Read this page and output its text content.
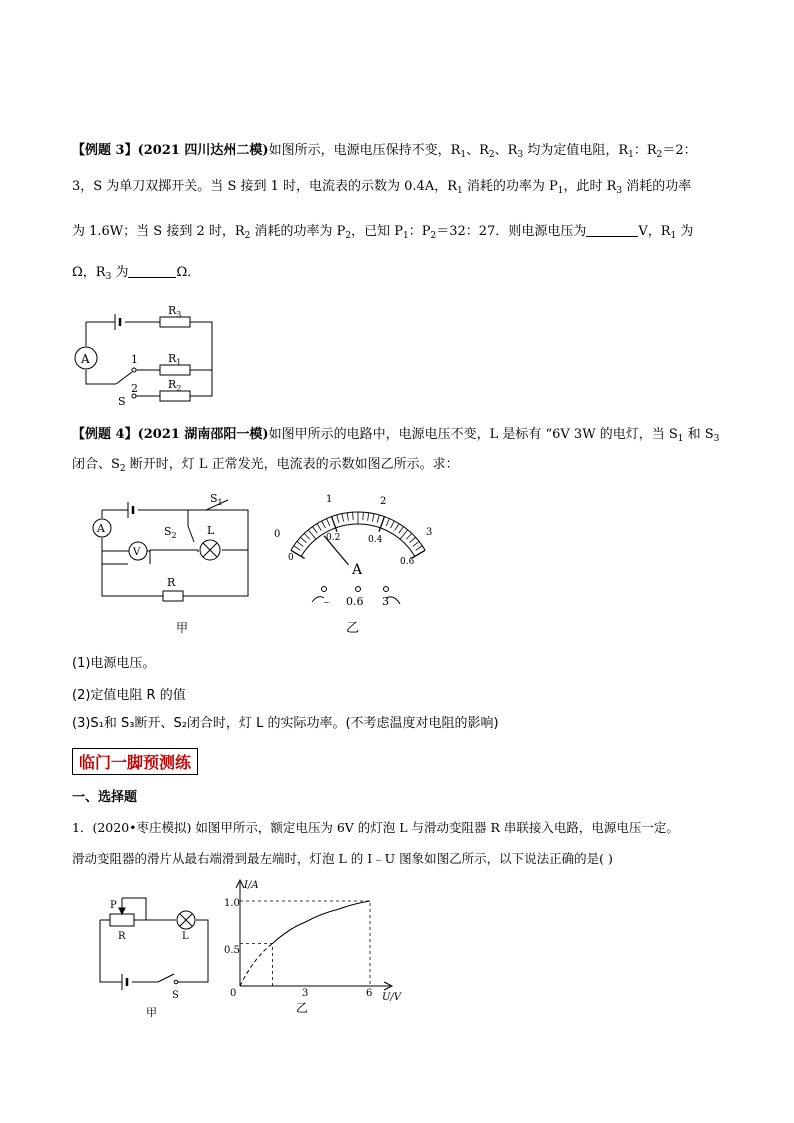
【例题 3】(2021 四川达州二模)如图所示，电源电压保持不变，$R_1$、$R_2$、$R_3$ 均为定值电阻，$R_1$：$R_2=2$：
3，S 为单刀双掷开关。当 S 接到 1 时，电流表的示数为 0.4A，$R_1$ 消耗的功率为 $P_1$，此时 $R_3$ 消耗的功率
为 1.6W；当 S 接到 2 时，$R_2$ 消耗的功率为 $P_2$，已知 $P_1$：$P_2=32$：27．则电源电压为	V，$R_1$ 为
Ω，$R_3$ 为	Ω．
A
$R_3$
$R_1$
$R_2$
1
2
S
【例题 4】(2021 湖南邵阳一模)如图甲所示的电路中，电源电压不变，L 是标有 “6V 3W 的电灯，当 $S_1$ 和 $S_3$
闭合、$S_2$ 断开时，灯 L 正常发光，电流表的示数如图乙所示。求：
A
V
$S_1$
$S_2$	L
R
甲
1	2
3
0
0
0.2	0.4
0.6
A
– 0.6 3
乙
(1)电源电压。
(2)定值电阻 R 的值
(3)S₁和 S₃断开、S₂闭合时，灯 L 的实际功率。(不考虑温度对电阻的影响)
临门一脚预测练
一、选择题
1．(2020•枣庄模拟) 如图甲所示，额定电压为 6V 的灯泡 L 与滑动变阻器 R 串联接入电路，电源电压一定。
滑动变阻器的滑片从最右端滑到最左端时，灯泡 L 的 I﹣U 图象如图乙所示，以下说法正确的是( )
P
R	L
S
甲
I/A
U/V
0	3	6
0.5
1.0
乙
